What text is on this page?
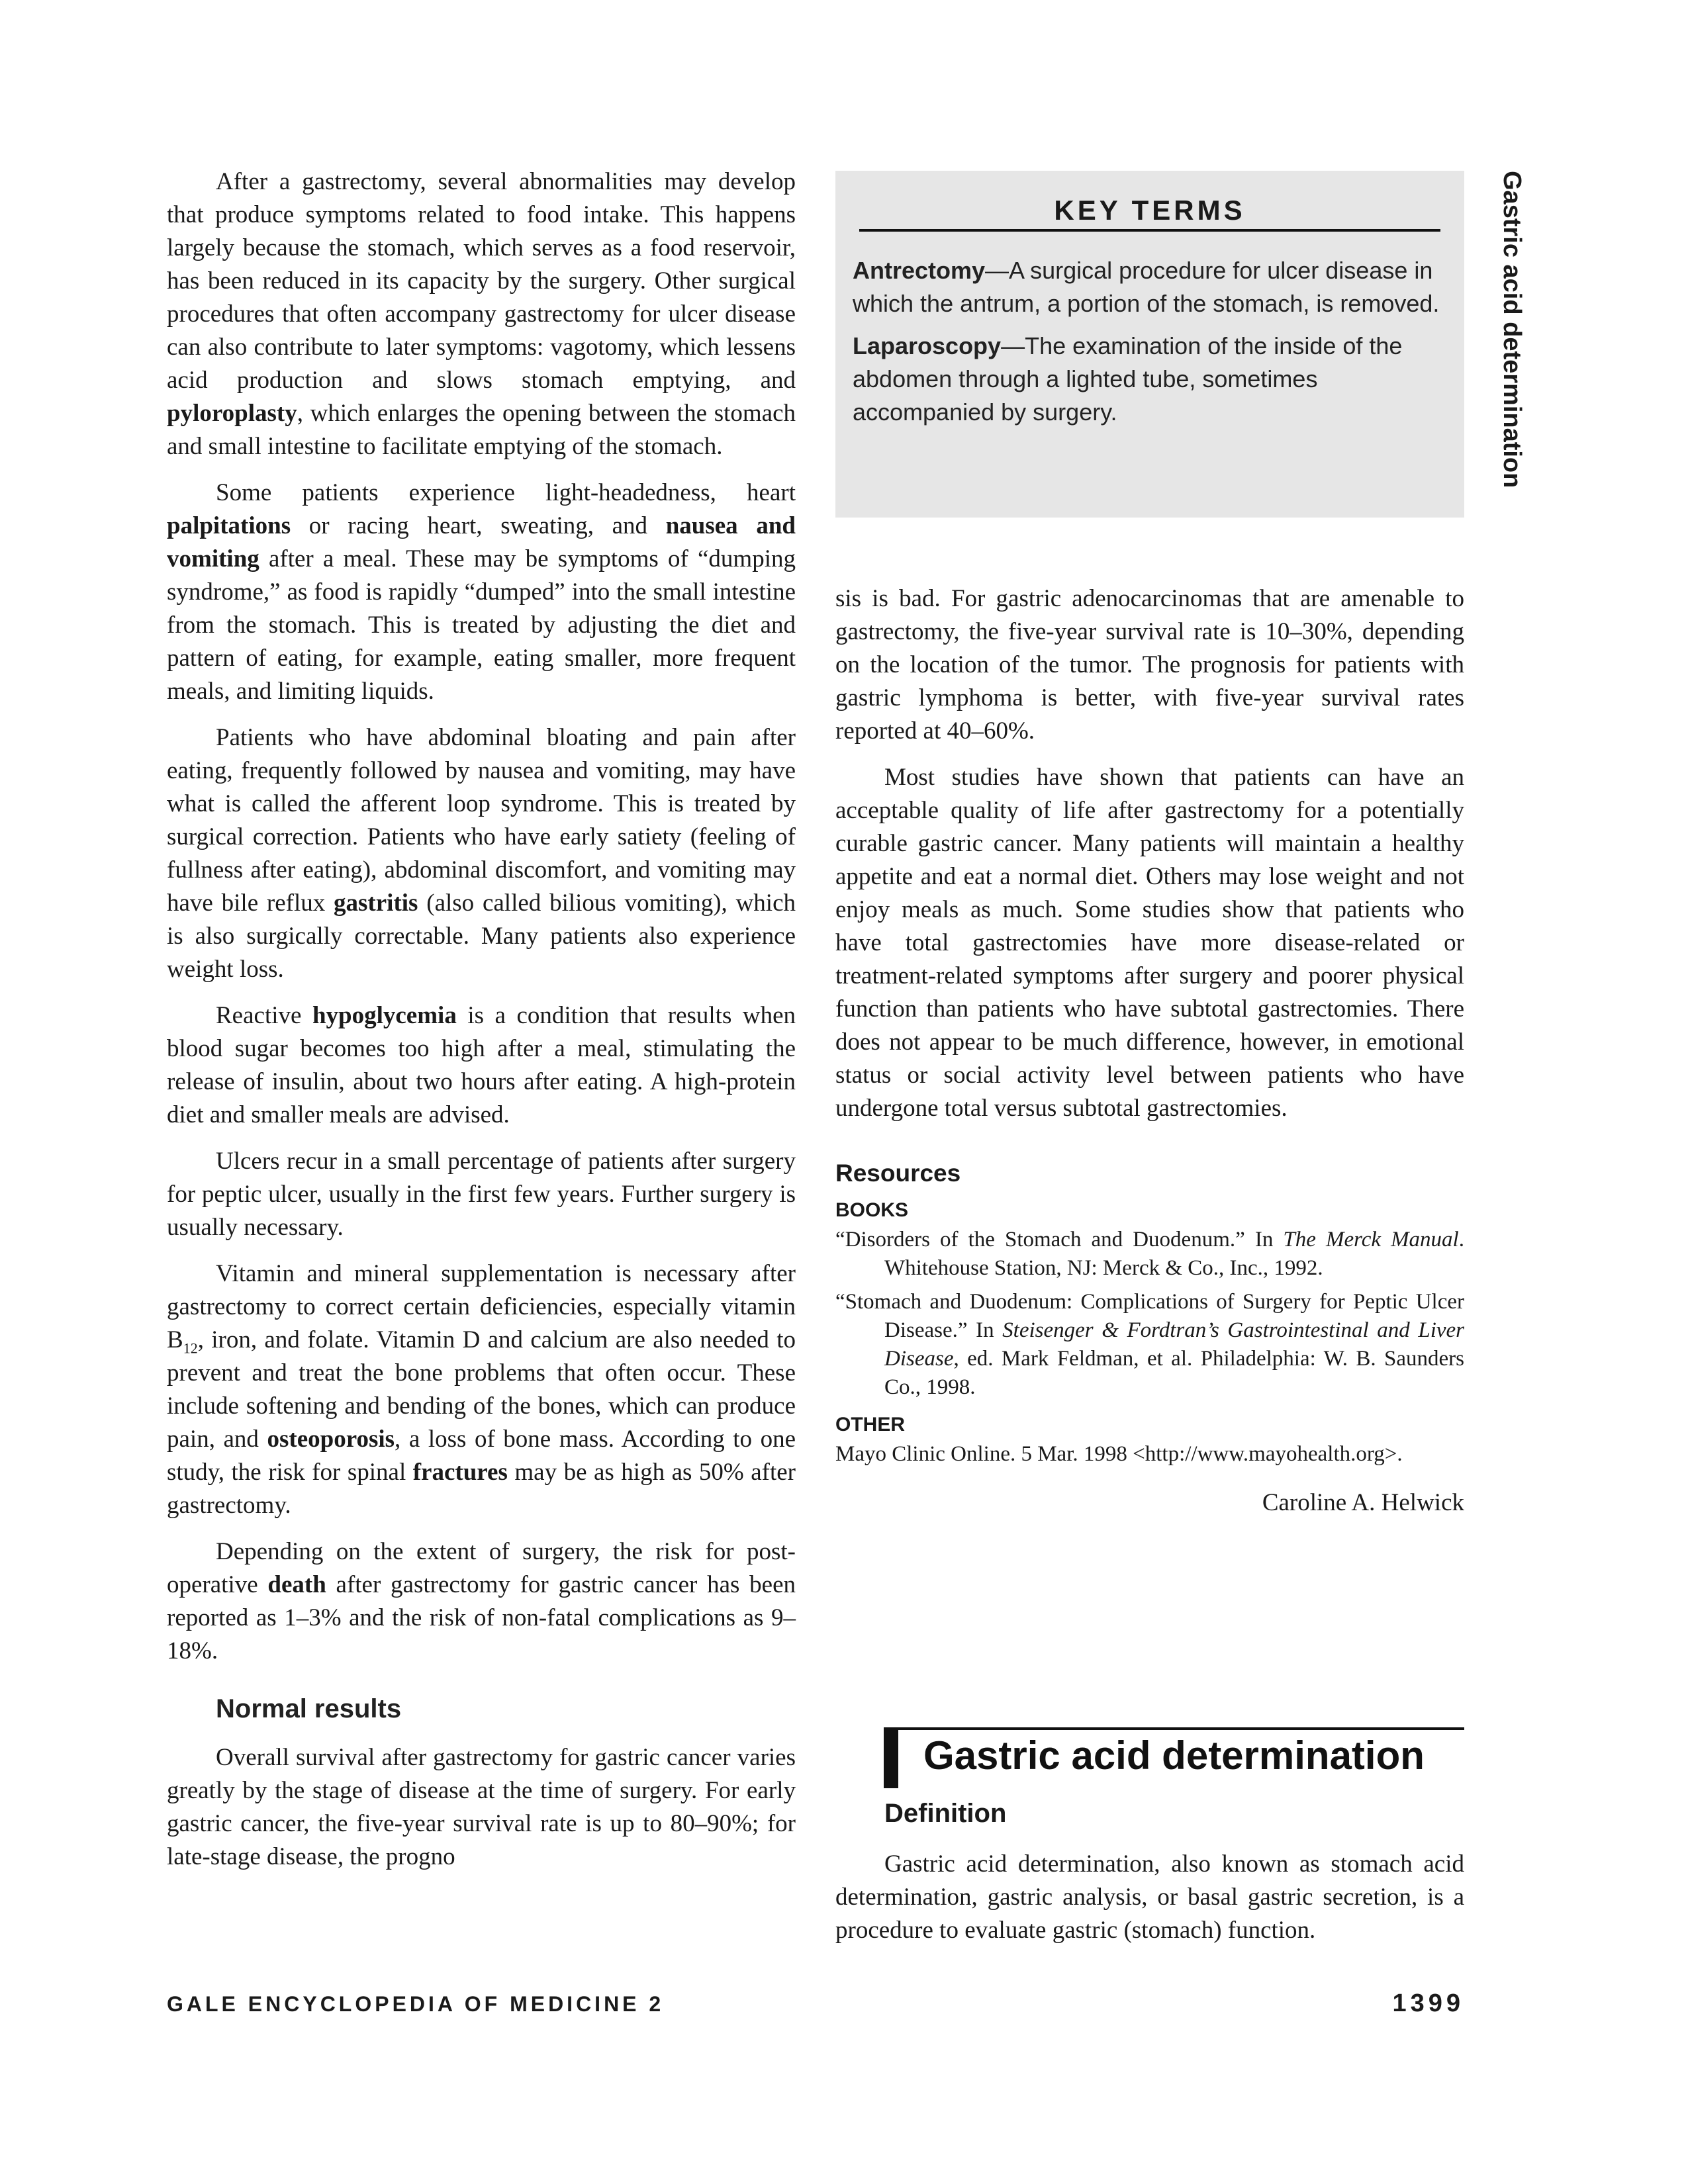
Gastric acid determination

After a gastrectomy, several abnormalities may develop that produce symptoms related to food intake. This happens largely because the stomach, which serves as a food reservoir, has been reduced in its capacity by the surgery. Other surgical procedures that often accompany gastrectomy for ulcer disease can also contribute to later symptoms: vagotomy, which lessens acid production and slows stomach emptying, and pyloroplasty, which enlarges the opening between the stomach and small intestine to facilitate emptying of the stomach.

Some patients experience light-headedness, heart palpitations or racing heart, sweating, and nausea and vomiting after a meal. These may be symptoms of “dumping syndrome,” as food is rapidly “dumped” into the small intestine from the stomach. This is treated by adjusting the diet and pattern of eating, for example, eating smaller, more frequent meals, and limiting liquids.

Patients who have abdominal bloating and pain after eating, frequently followed by nausea and vomiting, may have what is called the afferent loop syndrome. This is treated by surgical correction. Patients who have early satiety (feeling of fullness after eating), abdominal discomfort, and vomiting may have bile reflux gastritis (also called bilious vomiting), which is also surgically correctable. Many patients also experience weight loss.

Reactive hypoglycemia is a condition that results when blood sugar becomes too high after a meal, stimulating the release of insulin, about two hours after eating. A high-protein diet and smaller meals are advised.

Ulcers recur in a small percentage of patients after surgery for peptic ulcer, usually in the first few years. Further surgery is usually necessary.

Vitamin and mineral supplementation is necessary after gastrectomy to correct certain deficiencies, especially vitamin $B_{12}$, iron, and folate. Vitamin D and calcium are also needed to prevent and treat the bone problems that often occur. These include softening and bending of the bones, which can produce pain, and osteoporosis, a loss of bone mass. According to one study, the risk for spinal fractures may be as high as 50% after gastrectomy.

Depending on the extent of surgery, the risk for postoperative death after gastrectomy for gastric cancer has been reported as 1–3% and the risk of non-fatal complications as 9–18%.

Normal results

Overall survival after gastrectomy for gastric cancer varies greatly by the stage of disease at the time of surgery. For early gastric cancer, the five-year survival rate is up to 80–90%; for late-stage disease, the progno

KEY TERMS

Antrectomy—A surgical procedure for ulcer disease in which the antrum, a portion of the stomach, is removed.

Laparoscopy—The examination of the inside of the abdomen through a lighted tube, sometimes accompanied by surgery.

sis is bad. For gastric adenocarcinomas that are amenable to gastrectomy, the five-year survival rate is 10–30%, depending on the location of the tumor. The prognosis for patients with gastric lymphoma is better, with five-year survival rates reported at 40–60%.

Most studies have shown that patients can have an acceptable quality of life after gastrectomy for a potentially curable gastric cancer. Many patients will maintain a healthy appetite and eat a normal diet. Others may lose weight and not enjoy meals as much. Some studies show that patients who have total gastrectomies have more disease-related or treatment-related symptoms after surgery and poorer physical function than patients who have subtotal gastrectomies. There does not appear to be much difference, however, in emotional status or social activity level between patients who have undergone total versus subtotal gastrectomies.

Resources
BOOKS

“Disorders of the Stomach and Duodenum.” In The Merck Manual. Whitehouse Station, NJ: Merck & Co., Inc., 1992.

“Stomach and Duodenum: Complications of Surgery for Peptic Ulcer Disease.” In Steisenger & Fordtran’s Gastrointestinal and Liver Disease, ed. Mark Feldman, et al. Philadelphia: W. B. Saunders Co., 1998.

OTHER

Mayo Clinic Online. 5 Mar. 1998 <http://www.mayohealth.org>.

Caroline A. Helwick

Gastric acid determination
Definition

Gastric acid determination, also known as stomach acid determination, gastric analysis, or basal gastric secretion, is a procedure to evaluate gastric (stomach) function.

GALE ENCYCLOPEDIA OF MEDICINE 2	1399
